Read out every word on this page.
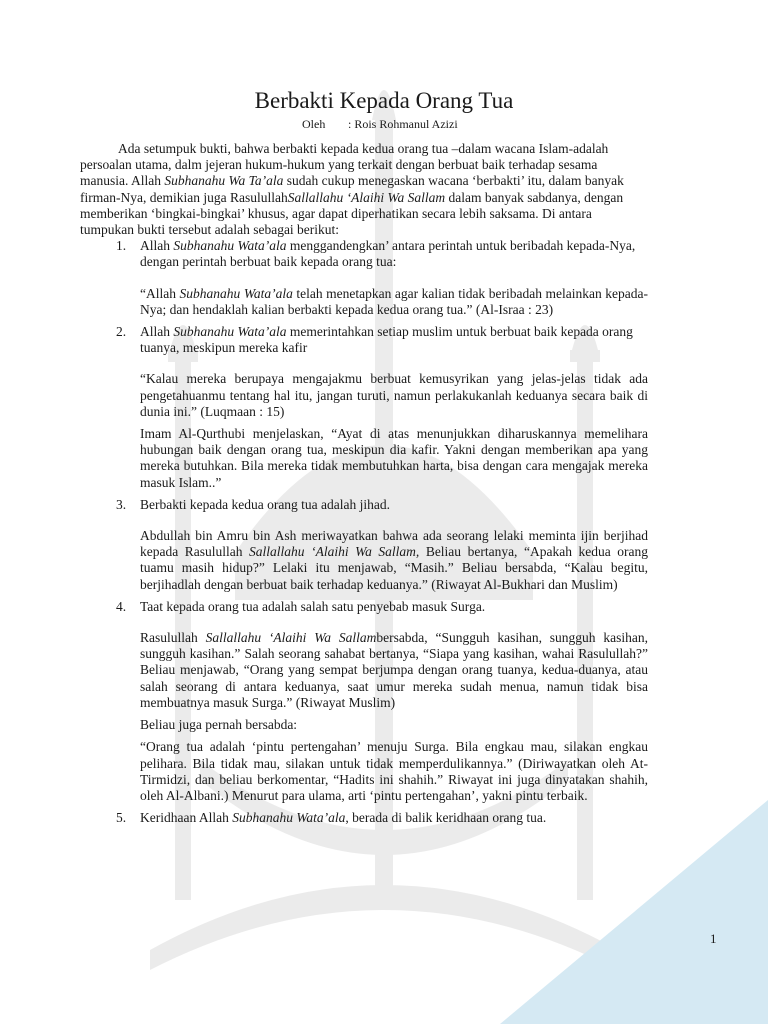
Berbakti Kepada Orang Tua
Oleh : Rois Rohmanul Azizi

Ada setumpuk bukti, bahwa berbakti kepada kedua orang tua –dalam wacana Islam-adalah persoalan utama, dalm jejeran hukum-hukum yang terkait dengan berbuat baik terhadap sesama manusia. Allah Subhanahu Wa Ta’ala sudah cukup menegaskan wacana ‘berbakti’ itu, dalam banyak firman-Nya, demikian juga RasulullahSallallahu ‘Alaihi Wa Sallam dalam banyak sabdanya, dengan memberikan ‘bingkai-bingkai’ khusus, agar dapat diperhatikan secara lebih saksama. Di antara tumpukan bukti tersebut adalah sebagai berikut:

1. Allah Subhanahu Wata’ala menggandengkan’ antara perintah untuk beribadah kepada-Nya, dengan perintah berbuat baik kepada orang tua:

“Allah Subhanahu Wata’ala telah menetapkan agar kalian tidak beribadah melainkan kepada-Nya; dan hendaklah kalian berbakti kepada kedua orang tua.” (Al-Israa : 23)

2. Allah Subhanahu Wata’ala memerintahkan setiap muslim untuk berbuat baik kepada orang tuanya, meskipun mereka kafir

“Kalau mereka berupaya mengajakmu berbuat kemusyrikan yang jelas-jelas tidak ada pengetahuanmu tentang hal itu, jangan turuti, namun perlakukanlah keduanya secara baik di dunia ini.” (Luqmaan : 15)

Imam Al-Qurthubi menjelaskan, “Ayat di atas menunjukkan diharuskannya memelihara hubungan baik dengan orang tua, meskipun dia kafir. Yakni dengan memberikan apa yang mereka butuhkan. Bila mereka tidak membutuhkan harta, bisa dengan cara mengajak mereka masuk Islam..”

3. Berbakti kepada kedua orang tua adalah jihad.

Abdullah bin Amru bin Ash meriwayatkan bahwa ada seorang lelaki meminta ijin berjihad kepada Rasulullah Sallallahu ‘Alaihi Wa Sallam, Beliau bertanya, “Apakah kedua orang tuamu masih hidup?” Lelaki itu menjawab, “Masih.” Beliau bersabda, “Kalau begitu, berjihadlah dengan berbuat baik terhadap keduanya.” (Riwayat Al-Bukhari dan Muslim)

4. Taat kepada orang tua adalah salah satu penyebab masuk Surga.

Rasulullah Sallallahu ‘Alaihi Wa Sallambersabda, “Sungguh kasihan, sungguh kasihan, sungguh kasihan.” Salah seorang sahabat bertanya, “Siapa yang kasihan, wahai Rasulullah?” Beliau menjawab, “Orang yang sempat berjumpa dengan orang tuanya, kedua-duanya, atau salah seorang di antara keduanya, saat umur mereka sudah menua, namun tidak bisa membuatnya masuk Surga.” (Riwayat Muslim)

Beliau juga pernah bersabda:

“Orang tua adalah ‘pintu pertengahan’ menuju Surga. Bila engkau mau, silakan engkau pelihara. Bila tidak mau, silakan untuk tidak memperdulikannya.” (Diriwayatkan oleh At-Tirmidzi, dan beliau berkomentar, “Hadits ini shahih.” Riwayat ini juga dinyatakan shahih, oleh Al-Albani.) Menurut para ulama, arti ‘pintu pertengahan’, yakni pintu terbaik.

5. Keridhaan Allah Subhanahu Wata’ala, berada di balik keridhaan orang tua.

1
